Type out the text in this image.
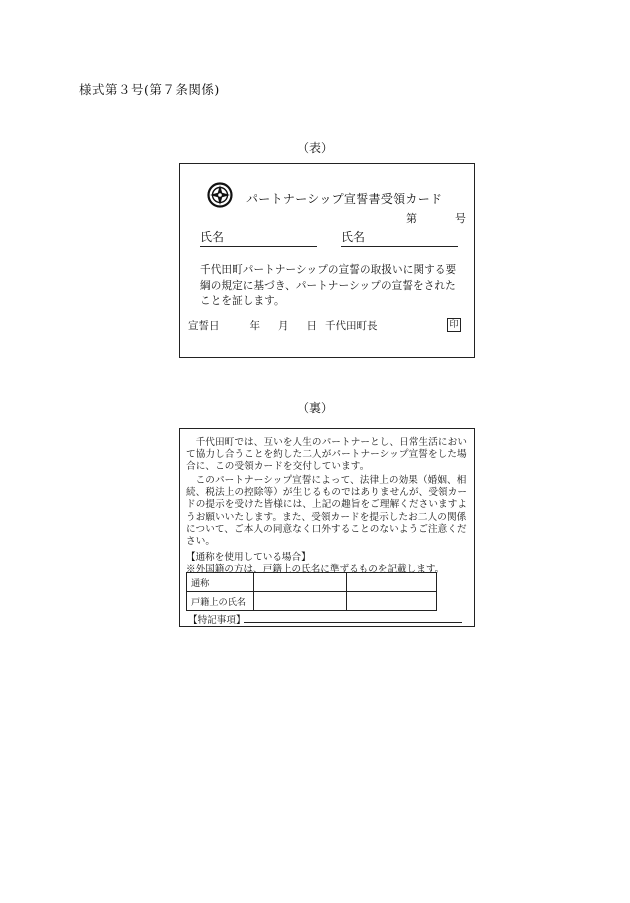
様式第３号(第７条関係)
（表）
パートナーシップ宣誓書受領カード
第	号
氏名	氏名
千代田町パートナーシップの宣誓の取扱いに関する要綱の規定に基づき、パートナーシップの宣誓をされたことを証します。
宣誓日	年 月 日 千代田町長	印
（裏）
千代田町では、互いを人生のパートナーとし、日常生活において協力し合うことを約した二人がパートナーシップ宣誓をした場合に、この受領カードを交付しています。
このパートナーシップ宣誓によって、法律上の効果（婚姻、相続、税法上の控除等）が生じるものではありませんが、受領カードの提示を受けた皆様には、上記の趣旨をご理解くださいますようお願いいたします。また、受領カードを提示したお二人の関係について、ご本人の同意なく口外することのないようご注意ください。
【通称を使用している場合】
※外国籍の方は、戸籍上の氏名に準ずるものを記載します。
通称		
戸籍上の氏名		
【特記事項】
